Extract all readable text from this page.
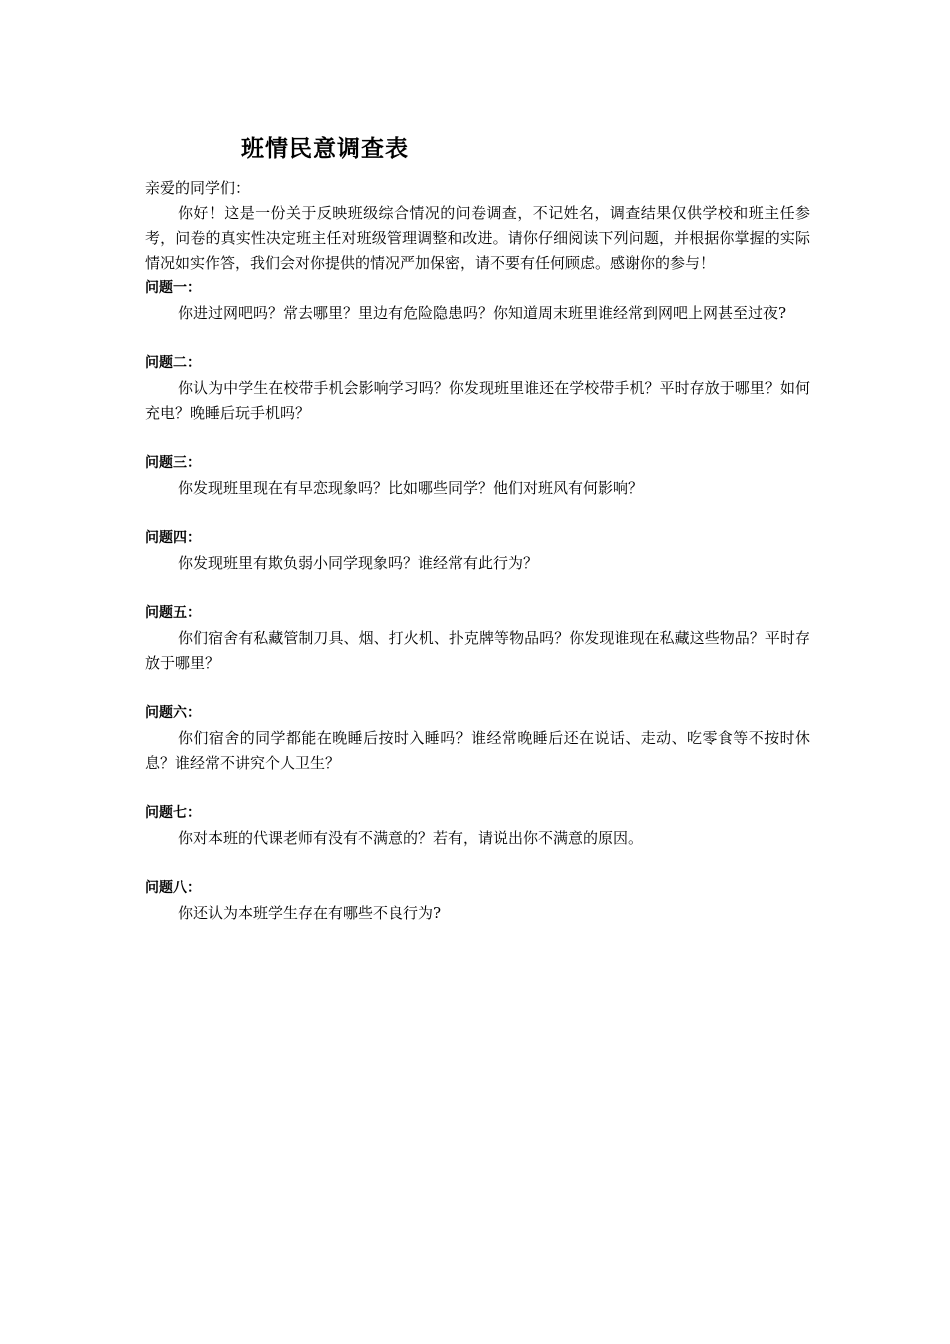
班情民意调查表
亲爱的同学们：

你好！这是一份关于反映班级综合情况的问卷调查，不记姓名，调查结果仅供学校和班主任参考，问卷的真实性决定班主任对班级管理调整和改进。请你仔细阅读下列问题，并根据你掌握的实际情况如实作答，我们会对你提供的情况严加保密，请不要有任何顾虑。感谢你的参与！

问题一：

你进过网吧吗？常去哪里？里边有危险隐患吗？你知道周末班里谁经常到网吧上网甚至过夜?

问题二：

你认为中学生在校带手机会影响学习吗？你发现班里谁还在学校带手机？平时存放于哪里？如何充电？晚睡后玩手机吗？

问题三：

你发现班里现在有早恋现象吗？比如哪些同学？他们对班风有何影响？

问题四：

你发现班里有欺负弱小同学现象吗？谁经常有此行为？

问题五：

你们宿舍有私藏管制刀具、烟、打火机、扑克牌等物品吗？你发现谁现在私藏这些物品？平时存放于哪里？

问题六：

你们宿舍的同学都能在晚睡后按时入睡吗？谁经常晚睡后还在说话、走动、吃零食等不按时休息？谁经常不讲究个人卫生？

问题七：

你对本班的代课老师有没有不满意的？若有，请说出你不满意的原因。

问题八：

你还认为本班学生存在有哪些不良行为?
